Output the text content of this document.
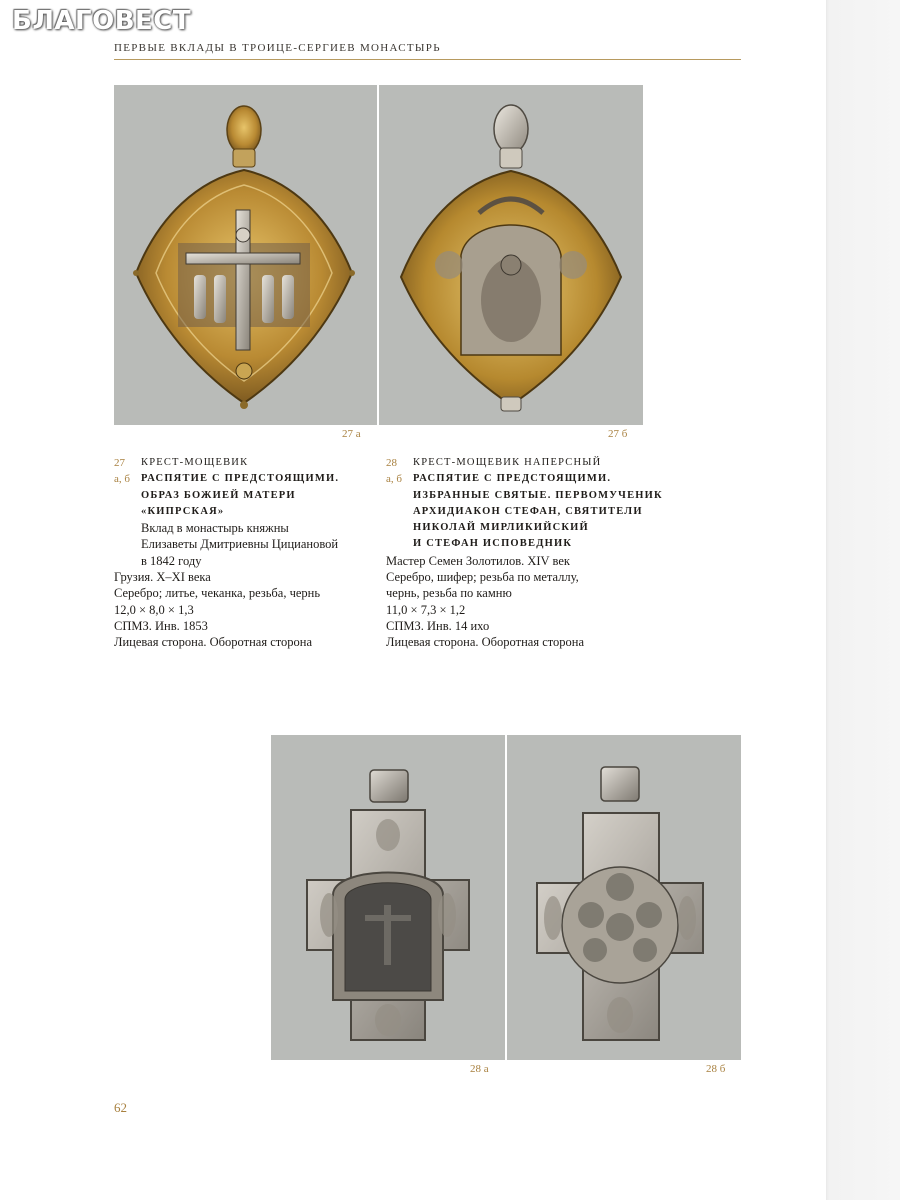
БЛАГОВЕСТ
ПЕРВЫЕ ВКЛАДЫ В ТРОИЦЕ-СЕРГИЕВ МОНАСТЫРЬ
27 а	27 б
27	КРЕСТ-МОЩЕВИК
а, б	РАСПЯТИЕ С ПРЕДСТОЯЩИМИ.
ОБРАЗ БОЖИЕЙ МАТЕРИ «КИПРСКАЯ»
Вклад в монастырь княжны
Елизаветы Дмитриевны Цициановой
в 1842 году
Грузия. X–XI века
Серебро; литье, чеканка, резьба, чернь
12,0 × 8,0 × 1,3
СПМЗ. Инв. 1853
Лицевая сторона. Оборотная сторона
28	КРЕСТ-МОЩЕВИК НАПЕРСНЫЙ
а, б	РАСПЯТИЕ С ПРЕДСТОЯЩИМИ.
ИЗБРАННЫЕ СВЯТЫЕ. ПЕРВОМУЧЕНИК
АРХИДИАКОН СТЕФАН, СВЯТИТЕЛИ
НИКОЛАЙ МИРЛИКИЙСКИЙ
И СТЕФАН ИСПОВЕДНИК
Мастер Семен Золотилов. XIV век
Серебро, шифер; резьба по металлу,
чернь, резьба по камню
11,0 × 7,3 × 1,2
СПМЗ. Инв. 14 ихо
Лицевая сторона. Оборотная сторона
28 а	28 б
62
